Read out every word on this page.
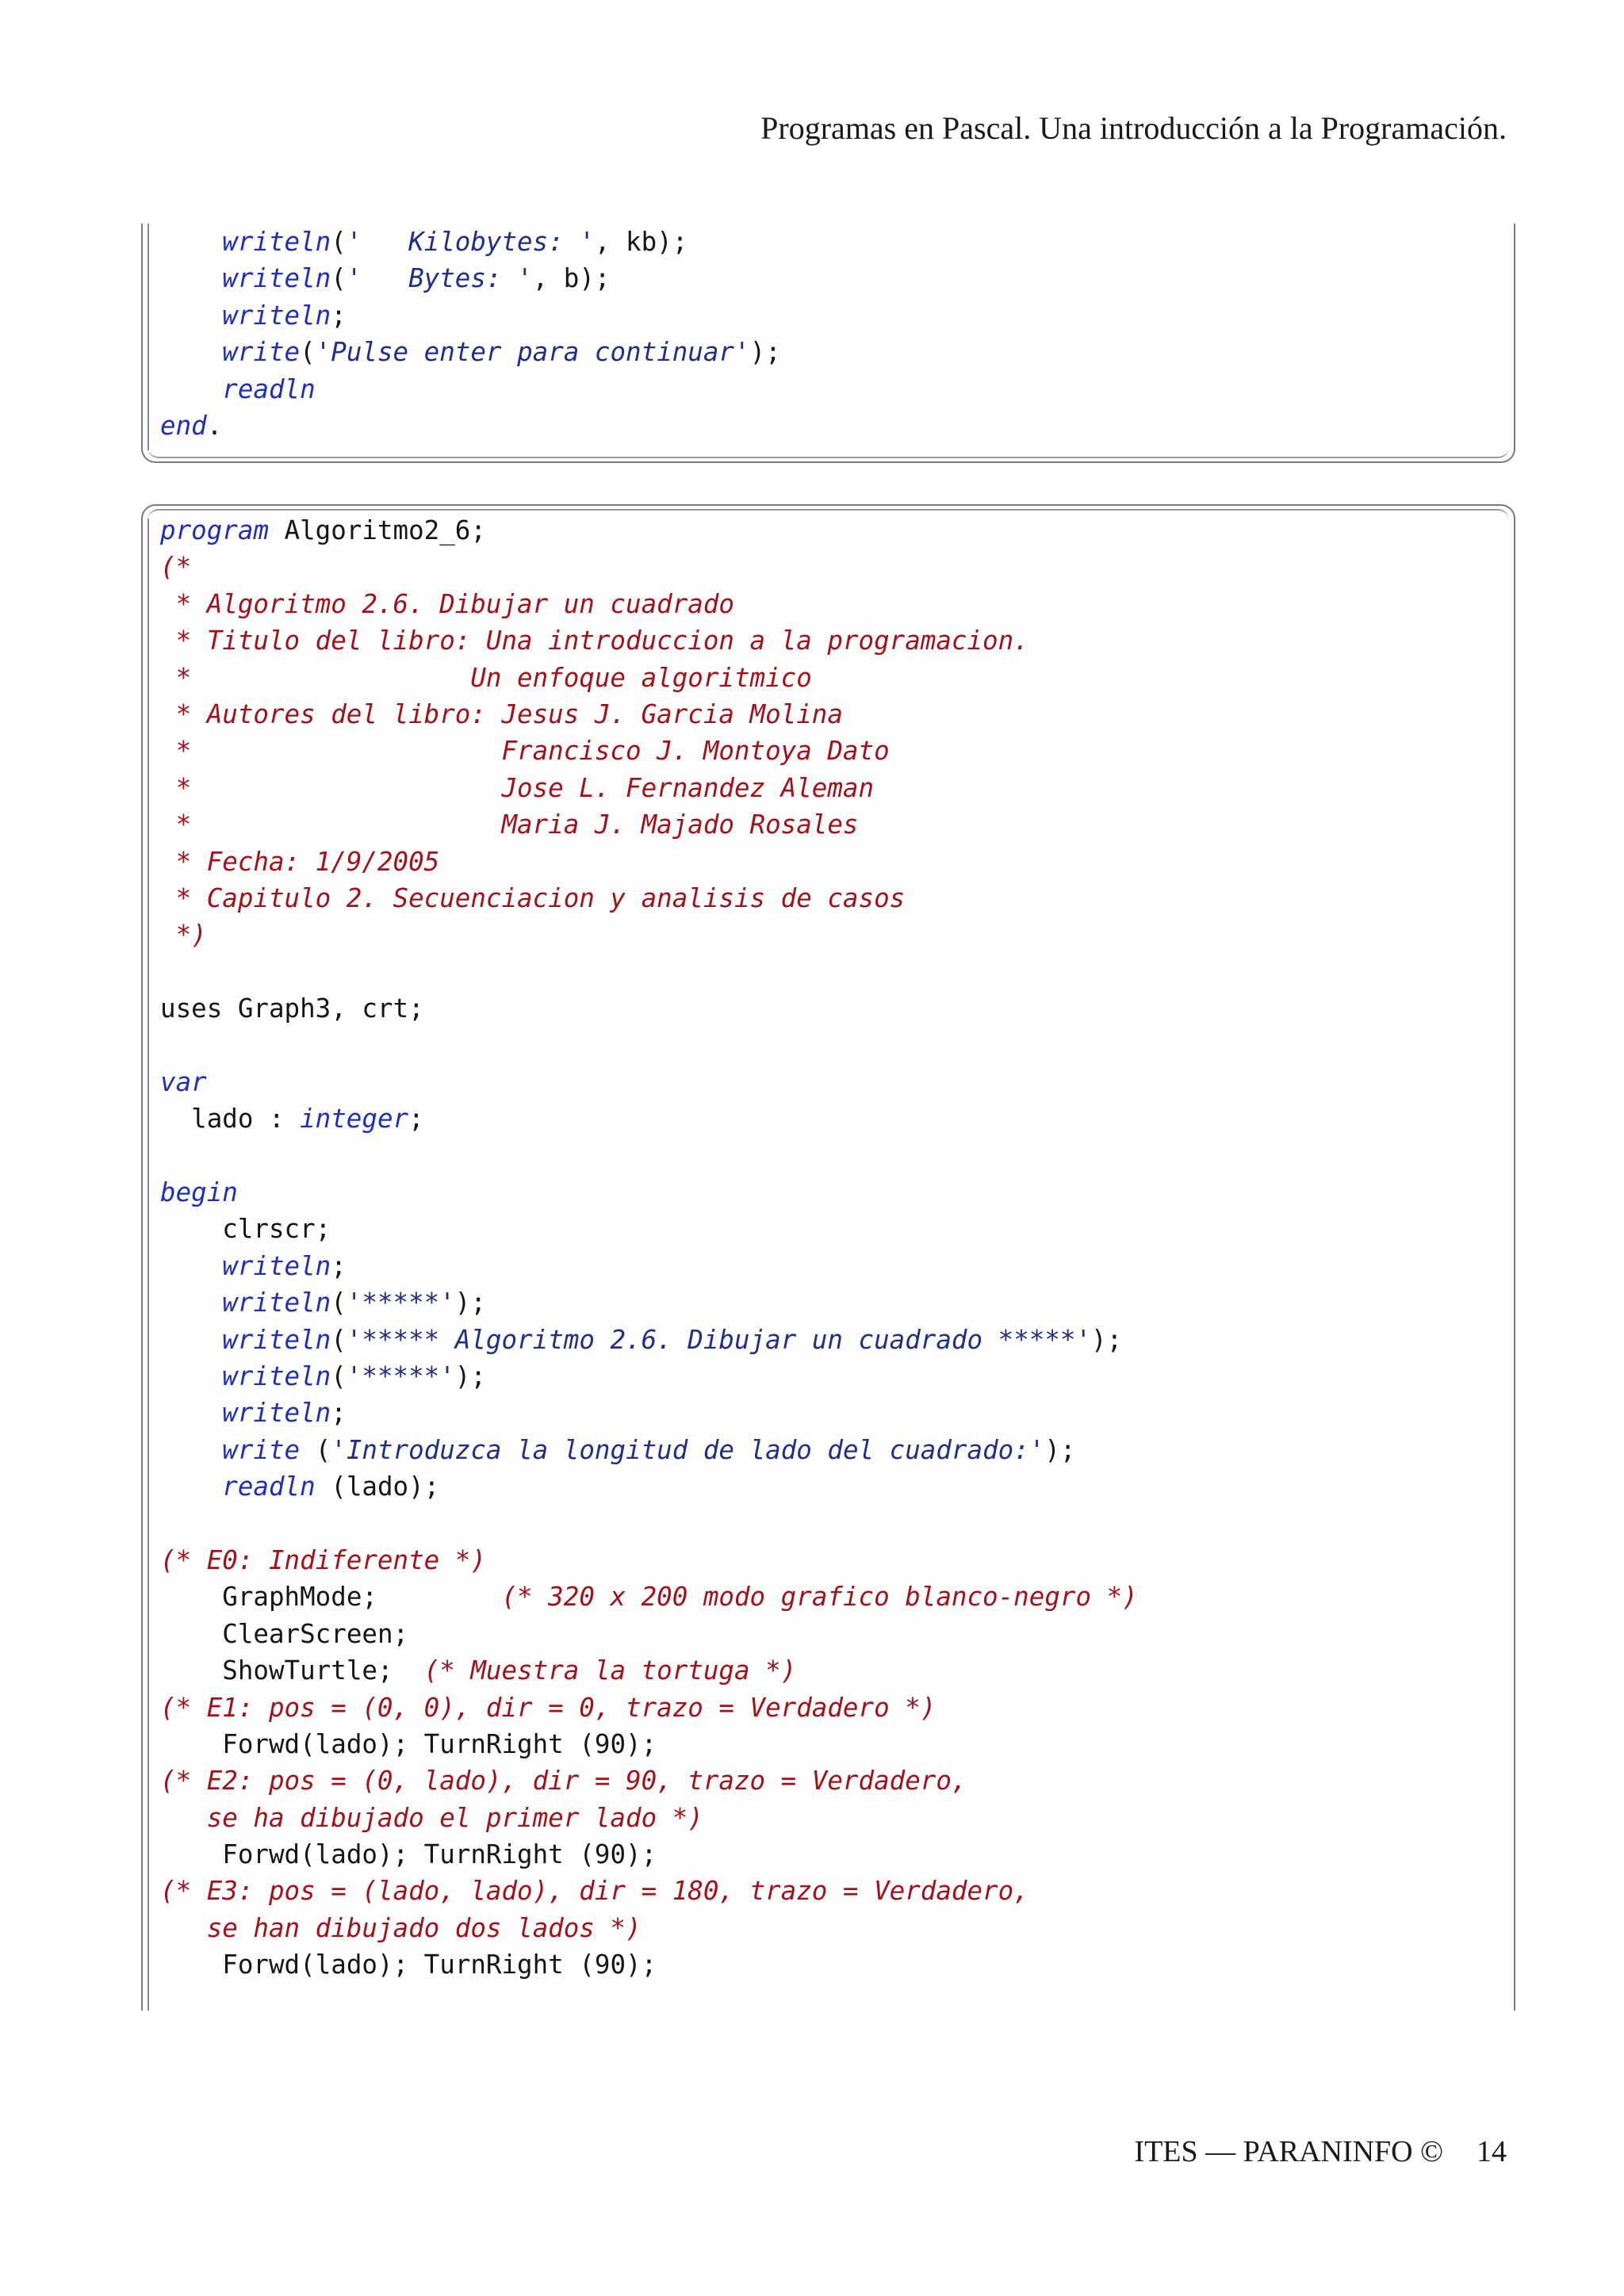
Programas en Pascal. Una introducción a la Programación.
writeln('   Kilobytes: ', kb);
writeln('   Bytes: ', b);
writeln;
write('Pulse enter para continuar');
readln
end.
program Algoritmo2_6;
(*
* Algoritmo 2.6. Dibujar un cuadrado
* Titulo del libro: Una introduccion a la programacion.
*                  Un enfoque algoritmico
* Autores del libro: Jesus J. Garcia Molina
*                    Francisco J. Montoya Dato
*                    Jose L. Fernandez Aleman
*                    Maria J. Majado Rosales
* Fecha: 1/9/2005
* Capitulo 2. Secuenciacion y analisis de casos
*)
uses Graph3, crt;
var
lado : integer;
begin
clrscr;
writeln;
writeln('*****');
writeln('***** Algoritmo 2.6. Dibujar un cuadrado *****');
writeln('*****');
writeln;
write ('Introduzca la longitud de lado del cuadrado:');
readln (lado);
(* E0: Indiferente *)
GraphMode;        (* 320 x 200 modo grafico blanco-negro *)
ClearScreen;
ShowTurtle;  (* Muestra la tortuga *)
(* E1: pos = (0, 0), dir = 0, trazo = Verdadero *)
Forwd(lado); TurnRight (90);
(* E2: pos = (0, lado), dir = 90, trazo = Verdadero,
se ha dibujado el primer lado *)
Forwd(lado); TurnRight (90);
(* E3: pos = (lado, lado), dir = 180, trazo = Verdadero,
se han dibujado dos lados *)
Forwd(lado); TurnRight (90);
ITES — PARANINFO © 14
